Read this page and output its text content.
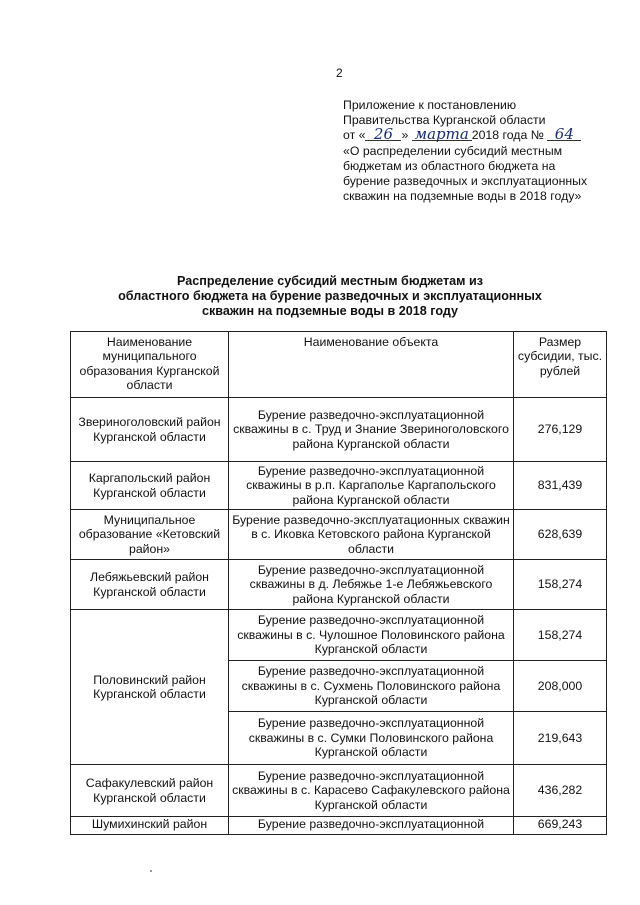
2
Приложение к постановлению
Правительства Курганской области
от « 26 » марта 2018 года № 64
«О распределении субсидий местным
бюджетам из областного бюджета на
бурение разведочных и эксплуатационных
скважин на подземные воды в 2018 году»
Распределение субсидий местным бюджетам из
областного бюджета на бурение разведочных и эксплуатационных
скважин на подземные воды в 2018 году
Наименование муниципального образования Курганской области	Наименование объекта	Размер субсидии, тыс. рублей
Звериноголовский район Курганской области	Бурение разведочно-эксплуатационной скважины в с. Труд и Знание Звериноголовского района Курганской области	276,129
Каргапольский район Курганской области	Бурение разведочно-эксплуатационной скважины в р.п. Каргаполье Каргапольского района Курганской области	831,439
Муниципальное образование «Кетовский район»	Бурение разведочно-эксплуатационных скважин в с. Иковка Кетовского района Курганской области	628,639
Лебяжьевский район Курганской области	Бурение разведочно-эксплуатационной скважины в д. Лебяжье 1-е Лебяжьевского района Курганской области	158,274
Половинский район Курганской области	Бурение разведочно-эксплуатационной скважины в с. Чулошное Половинского района Курганской области	158,274
	Бурение разведочно-эксплуатационной скважины в с. Сухмень Половинского района Курганской области	208,000
	Бурение разведочно-эксплуатационной скважины в с. Сумки Половинского района Курганской области	219,643
Сафакулевский район Курганской области	Бурение разведочно-эксплуатационной скважины в с. Карасево Сафакулевского района Курганской области	436,282
Шумихинский район	Бурение разведочно-эксплуатационной	669,243
